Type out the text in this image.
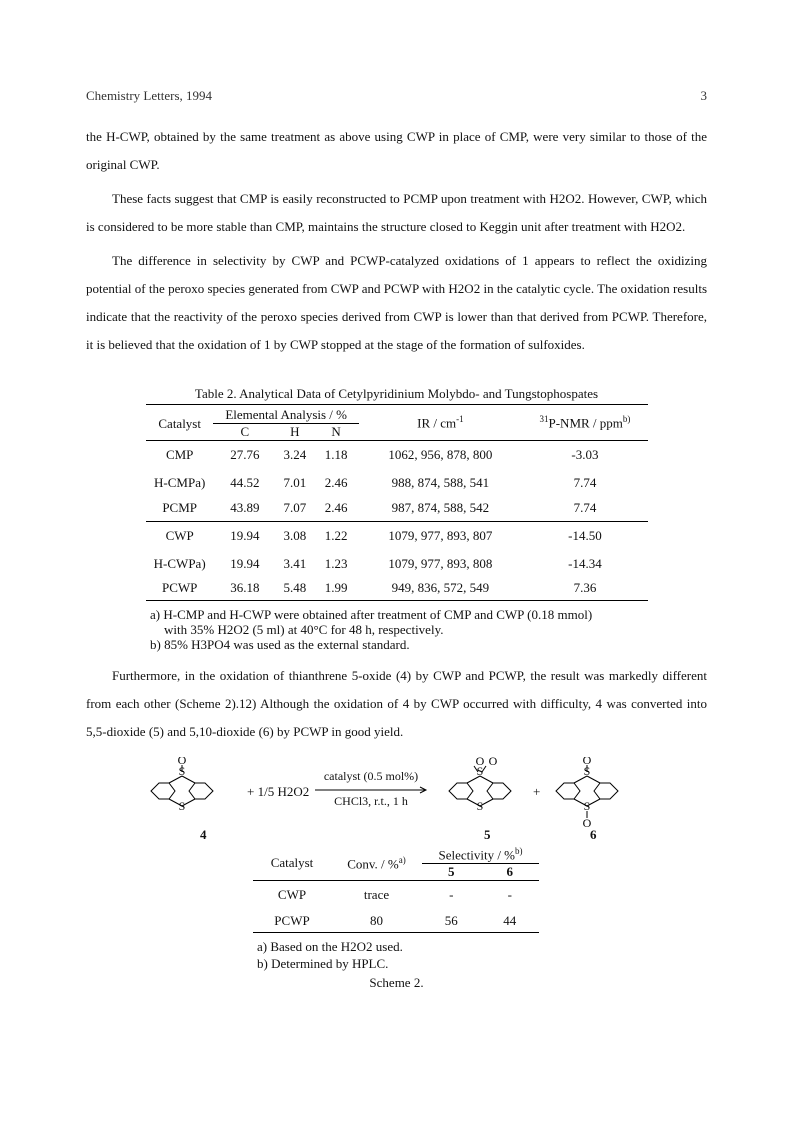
Chemistry Letters, 1994	3

the H-CWP, obtained by the same treatment as above using CWP in place of CMP, were very similar to those of the original CWP.

These facts suggest that CMP is easily reconstructed to PCMP upon treatment with H2O2. However, CWP, which is considered to be more stable than CMP, maintains the structure closed to Keggin unit after treatment with H2O2.

The difference in selectivity by CWP and PCWP-catalyzed oxidations of 1 appears to reflect the oxidizing potential of the peroxo species generated from CWP and PCWP with H2O2 in the catalytic cycle. The oxidation results indicate that the reactivity of the peroxo species derived from CWP is lower than that derived from PCWP. Therefore, it is believed that the oxidation of 1 by CWP stopped at the stage of the formation of sulfoxides.

Table 2. Analytical Data of Cetylpyridinium Molybdo- and Tungstophospates
Catalyst	Elemental Analysis / %			IR / $cm^{-1}$	$^{31}$P-NMR / ppm$^{b)}$
	C	H	N		
CMP	27.76	3.24	1.18	1062, 956, 878, 800	-3.03
H-CMPa)	44.52	7.01	2.46	988, 874, 588, 541	7.74
PCMP	43.89	7.07	2.46	987, 874, 588, 542	7.74
CWP	19.94	3.08	1.22	1079, 977, 893, 807	-14.50
H-CWPa)	19.94	3.41	1.23	1079, 977, 893, 808	-14.34
PCWP	36.18	5.48	1.99	949, 836, 572, 549	7.36
a) H-CMP and H-CWP were obtained after treatment of CMP and CWP (0.18 mmol)
with 35% H2O2 (5 ml) at 40°C for 48 h, respectively.
b) 85% H3PO4 was used as the external standard.

Furthermore, in the oxidation of thianthrene 5-oxide (4) by CWP and PCWP, the result was markedly different from each other (Scheme 2).12) Although the oxidation of 4 by CWP occurred with difficulty, 4 was converted into 5,5-dioxide (5) and 5,10-dioxide (6) by PCWP in good yield.

O
S
S
O O
S
S
O
S
S
O
+ 1/5 H2O2
catalyst (0.5 mol%)
CHCl3, r.t., 1 h
+
4	5	6
Catalyst	Conv. / %$^{a)}$	Selectivity / %$^{b)}$
		5	6
CWP	trace	-	-
PCWP	80	56	44
a) Based on the H2O2 used.
b) Determined by HPLC.
Scheme 2.
